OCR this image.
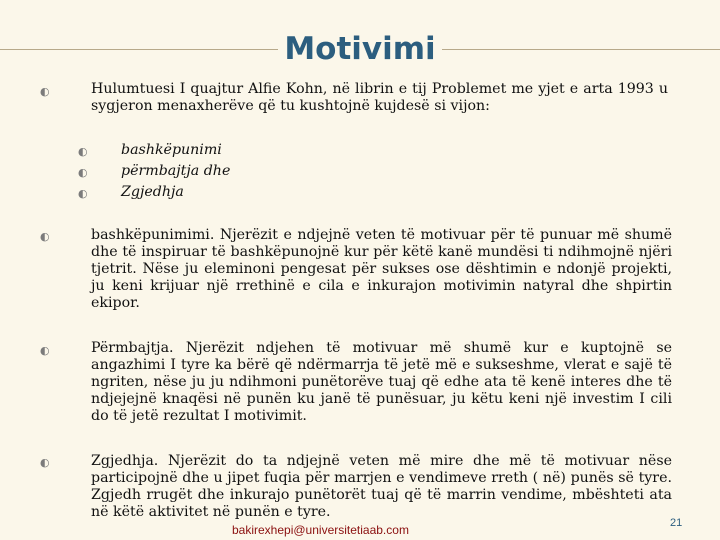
Motivimi
◐	Hulumtuesi I quajtur Alfie Kohn, në librin e tij Problemet me yjet e arta 1993 u sygjeron menaxherëve që tu kushtojnë kujdesë si vijon:
◐ bashkëpunimi
◐ përmbajtja dhe
◐ Zgjedhja
◐	bashkëpunimimi. Njerëzit e ndjejnë veten të motivuar për të punuar më shumë dhe të inspiruar të bashkëpunojnë kur për këtë kanë mundësi ti ndihmojnë njëri tjetrit. Nëse ju eleminoni pengesat për sukses ose dështimin e ndonjë projekti, ju keni krijuar një rrethinë e cila e inkurajon motivimin natyral dhe shpirtin ekipor.
◐	Përmbajtja. Njerëzit ndjehen të motivuar më shumë kur e kuptojnë se angazhimi I tyre ka bërë që ndërmarrja të jetë më e sukseshme, vlerat e sajë të ngriten, nëse ju ju ndihmoni punëtorëve tuaj që edhe ata të kenë interes dhe të ndjejejnë knaqësi në punën ku janë të punësuar, ju këtu keni një investim I cili do të jetë rezultat I motivimit.
◐	Zgjedhja. Njerëzit do ta ndjejnë veten më mire dhe më të motivuar nëse participojnë dhe u jipet fuqia për marrjen e vendimeve rreth ( në) punës së tyre. Zgjedh rrugët dhe inkurajo punëtorët tuaj që të marrin vendime, mbështeti ata në këtë aktivitet në punën e tyre.
bakirexhepi@universitetiaab.com	21
